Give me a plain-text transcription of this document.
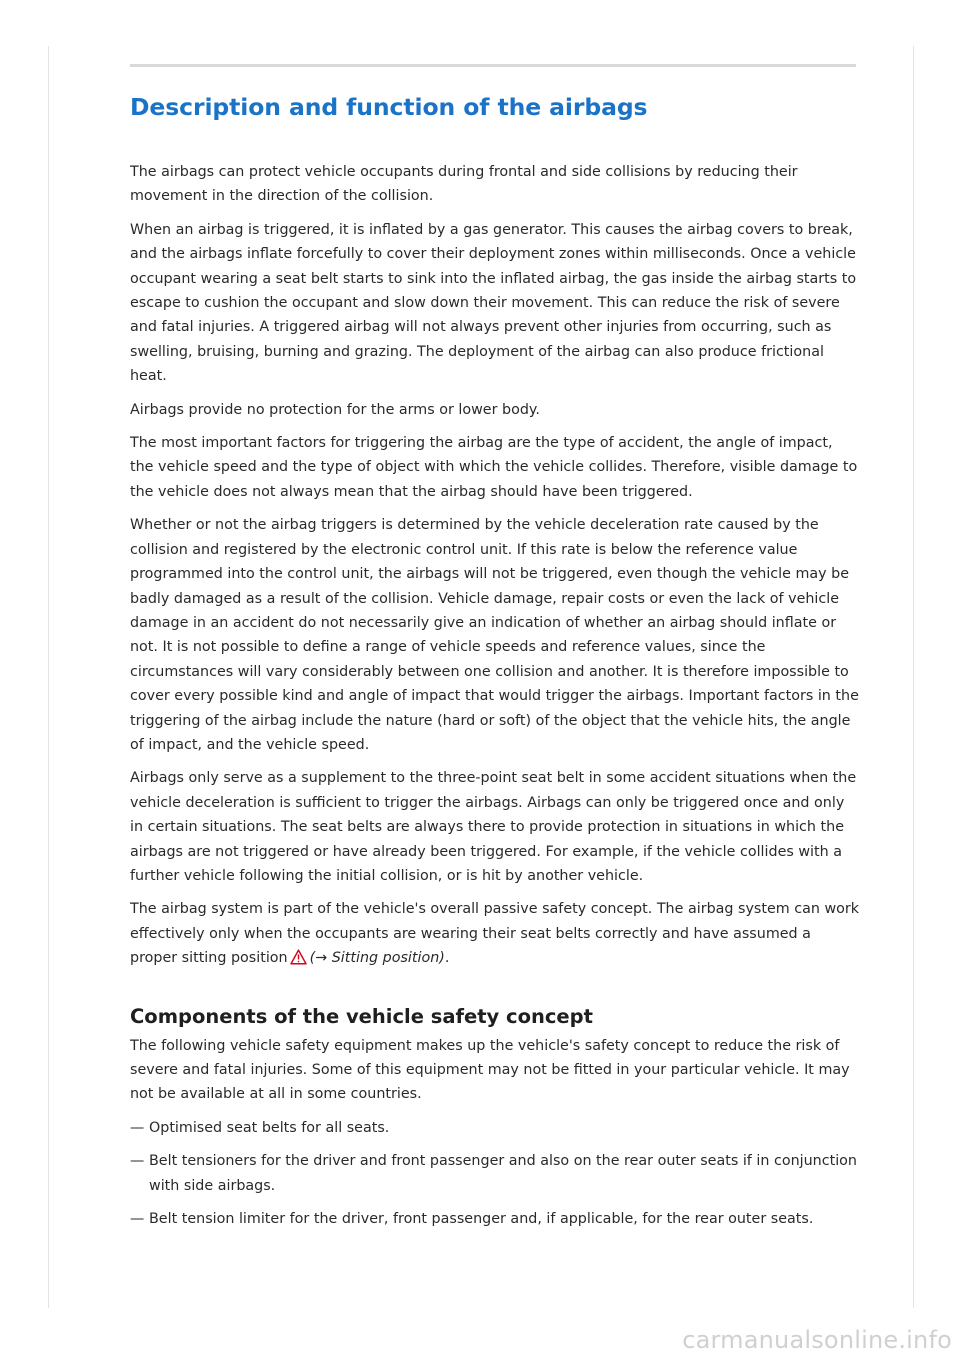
Description and function of the airbags

The airbags can protect vehicle occupants during frontal and side collisions by reducing their movement in the direction of the collision.

When an airbag is triggered, it is inflated by a gas generator. This causes the airbag covers to break, and the airbags inflate forcefully to cover their deployment zones within milliseconds. Once a vehicle occupant wearing a seat belt starts to sink into the inflated airbag, the gas inside the airbag starts to escape to cushion the occupant and slow down their movement. This can reduce the risk of severe and fatal injuries. A triggered airbag will not always prevent other injuries from occurring, such as swelling, bruising, burning and grazing. The deployment of the airbag can also produce frictional heat.

Airbags provide no protection for the arms or lower body.

The most important factors for triggering the airbag are the type of accident, the angle of impact, the vehicle speed and the type of object with which the vehicle collides. Therefore, visible damage to the vehicle does not always mean that the airbag should have been triggered.

Whether or not the airbag triggers is determined by the vehicle deceleration rate caused by the collision and registered by the electronic control unit. If this rate is below the reference value programmed into the control unit, the airbags will not be triggered, even though the vehicle may be badly damaged as a result of the collision. Vehicle damage, repair costs or even the lack of vehicle damage in an accident do not necessarily give an indication of whether an airbag should inflate or not. It is not possible to define a range of vehicle speeds and reference values, since the circumstances will vary considerably between one collision and another. It is therefore impossible to cover every possible kind and angle of impact that would trigger the airbags. Important factors in the triggering of the airbag include the nature (hard or soft) of the object that the vehicle hits, the angle of impact, and the vehicle speed.

Airbags only serve as a supplement to the three-point seat belt in some accident situations when the vehicle deceleration is sufficient to trigger the airbags. Airbags can only be triggered once and only in certain situations. The seat belts are always there to provide protection in situations in which the airbags are not triggered or have already been triggered. For example, if the vehicle collides with a further vehicle following the initial collision, or is hit by another vehicle.

The airbag system is part of the vehicle's overall passive safety concept. The airbag system can work effectively only when the occupants are wearing their seat belts correctly and have assumed a proper sitting position (→ Sitting position).

Components of the vehicle safety concept

The following vehicle safety equipment makes up the vehicle's safety concept to reduce the risk of severe and fatal injuries. Some of this equipment may not be fitted in your particular vehicle. It may not be available at all in some countries.

— Optimised seat belts for all seats.
— Belt tensioners for the driver and front passenger and also on the rear outer seats if in conjunction with side airbags.
— Belt tension limiter for the driver, front passenger and, if applicable, for the rear outer seats.
carmanualsonline.info
